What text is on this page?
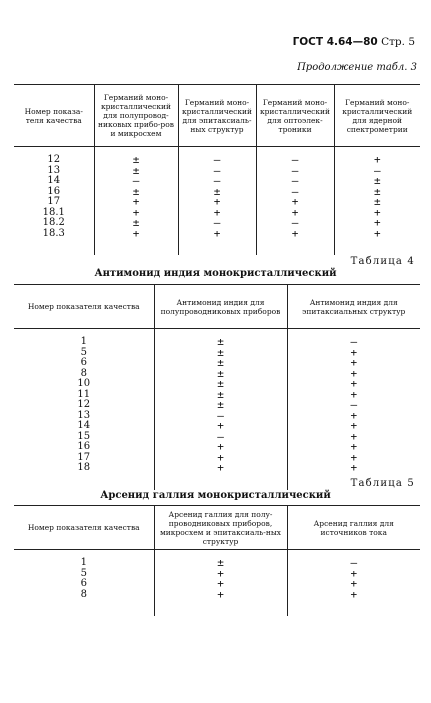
ГОСТ 4.64—80 Стр. 5
Продолжение табл. 3
Номер показа-теля качества	Германий моно-кристаллический для полупровод-никовых прибо-ров и микросхем	Германий моно-кристаллический для эпитаксиаль-ных структур	Германий моно-кристаллический для оптоэлек-троники	Германий моно-кристаллический для ядерной спектрометрии

12	±	—	—	+
13	±	—	—	—
14	—	—	—	±
16	±	±	—	±
17	+	+	+	±
18.1	+	+	+	+
18.2	±	—	—	+
18.3	+	+	+	+

Таблица 4
Антимонид индия монокристаллический
Номер показателя качества	Антимонид индия для полупроводниковых приборов	Антимонид индия для эпитаксиальных структур

1	±	—
5	±	+
6	±	+
8	±	+
10	±	+
11	±	+
12	±	—
13	—	+
14	+	+
15	—	+
16	+	+
17	+	+
18	+	+

Таблица 5
Арсенид галлия монокристаллический
Номер показателя качества	Арсенид галлия для полу-проводниковых приборов, микросхем и эпитаксиаль-ных структур	Арсенид галлия для источников тока

1	±	—
5	+	+
6	+	+
8	+	+
